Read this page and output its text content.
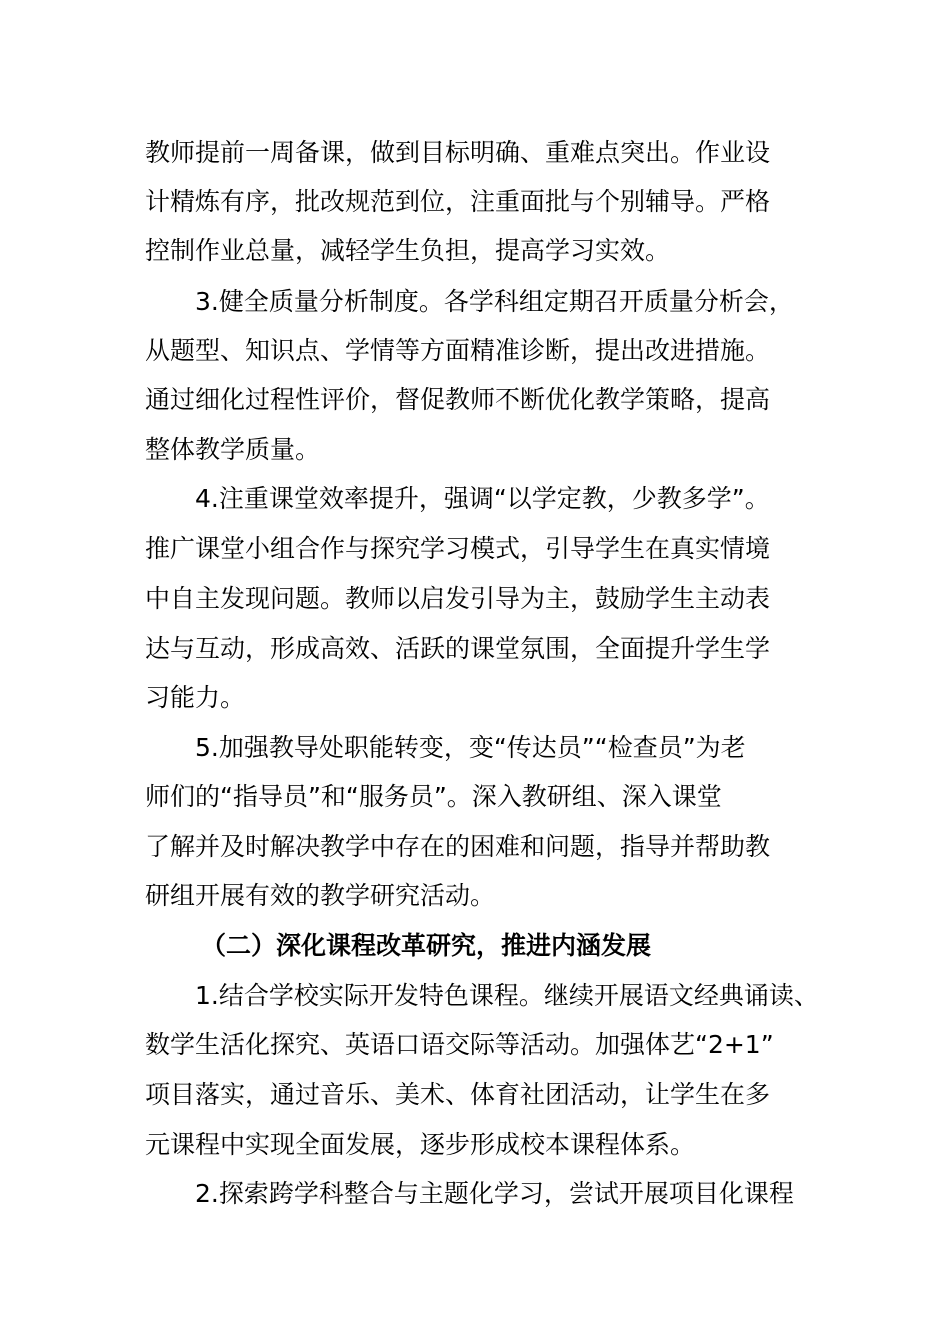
教师提前一周备课，做到目标明确、重难点突出。作业设
计精炼有序，批改规范到位，注重面批与个别辅导。严格
控制作业总量，减轻学生负担，提高学习实效。
3.健全质量分析制度。各学科组定期召开质量分析会，
从题型、知识点、学情等方面精准诊断，提出改进措施。
通过细化过程性评价，督促教师不断优化教学策略，提高
整体教学质量。
4.注重课堂效率提升，强调“以学定教，少教多学”。
推广课堂小组合作与探究学习模式，引导学生在真实情境
中自主发现问题。教师以启发引导为主，鼓励学生主动表
达与互动，形成高效、活跃的课堂氛围，全面提升学生学
习能力。
5.加强教导处职能转变，变“传达员”“检查员”为老
师们的“指导员”和“服务员”。深入教研组、深入课堂
了解并及时解决教学中存在的困难和问题，指导并帮助教
研组开展有效的教学研究活动。
（二）深化课程改革研究，推进内涵发展
1.结合学校实际开发特色课程。继续开展语文经典诵读、
数学生活化探究、英语口语交际等活动。加强体艺“2+1”
项目落实，通过音乐、美术、体育社团活动，让学生在多
元课程中实现全面发展，逐步形成校本课程体系。
2.探索跨学科整合与主题化学习，尝试开展项目化课程
